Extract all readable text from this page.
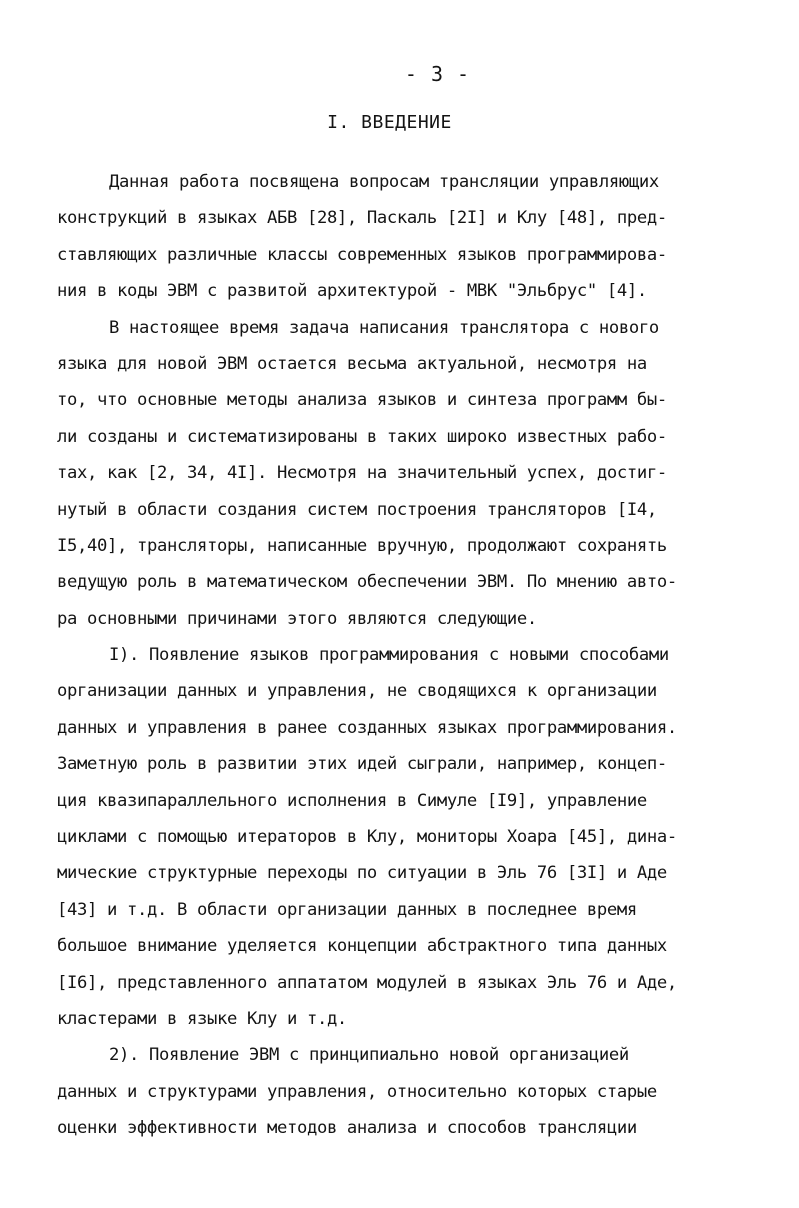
- 3 -
I. ВВЕДЕНИЕ
Данная работа посвящена вопросам трансляции управляющих
конструкций в языках АБВ [28], Паскаль [2I] и Клу [48], пред-
ставляющих различные классы современных языков программирова-
ния в коды ЭВМ с развитой архитектурой - МВК "Эльбрус" [4].
В настоящее время задача написания транслятора с нового
языка для новой ЭВМ остается весьма актуальной, несмотря на
то, что основные методы анализа языков и синтеза программ бы-
ли созданы и систематизированы в таких широко известных рабо-
тах, как [2, 34, 4I]. Несмотря на значительный успех, достиг-
нутый в области создания систем построения трансляторов [I4,
I5,40], трансляторы, написанные вручную, продолжают сохранять
ведущую роль в математическом обеспечении ЭВМ. По мнению авто-
ра основными причинами этого являются следующие.
I). Появление языков программирования с новыми способами
организации данных и управления, не сводящихся к организации
данных и управления в ранее созданных языках программирования.
Заметную роль в развитии этих идей сыграли, например, концеп-
ция квазипараллельного исполнения в Симуле [I9], управление
циклами с помощью итераторов в Клу, мониторы Хоара [45], дина-
мические структурные переходы по ситуации в Эль 76 [3I] и Аде
[43] и т.д. В области организации данных в последнее время
большое внимание уделяется концепции абстрактного типа данных
[I6], представленного аппататом модулей в языках Эль 76 и Аде,
кластерами в языке Клу и т.д.
2). Появление ЭВМ с принципиально новой организацией
данных и структурами управления, относительно которых старые
оценки эффективности методов анализа и способов трансляции
